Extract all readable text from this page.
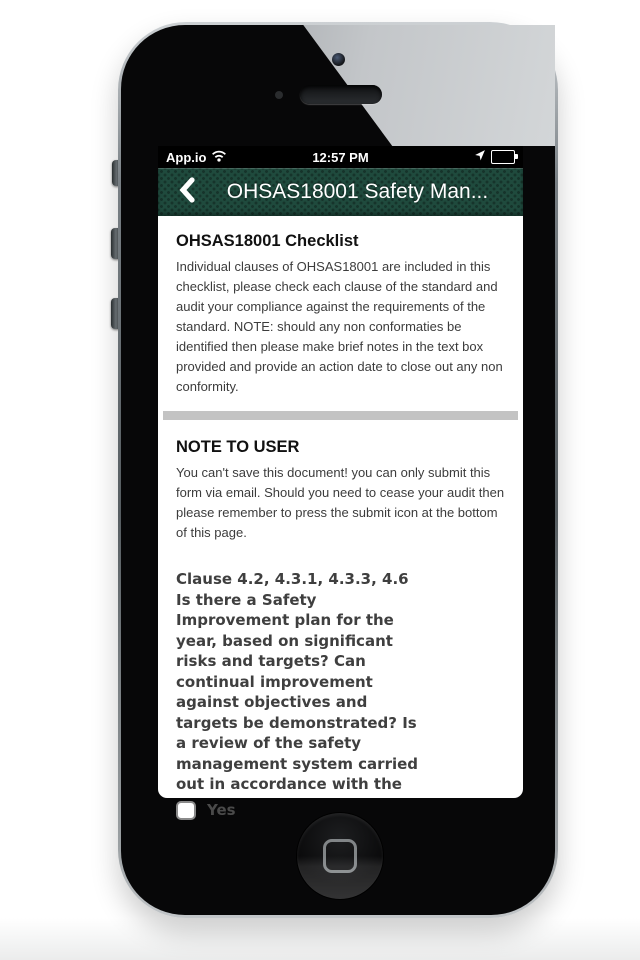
App.io	12:57 PM
OHSAS18001 Safety Man...
OHSAS18001 Checklist

Individual clauses of OHSAS18001 are included in this checklist, please check each clause of the standard and audit your compliance against the requirements of the standard. NOTE: should any non conformaties be identified then please make brief notes in the text box provided and provide an action date to close out any non conformity.

NOTE TO USER

You can't save this document! you can only submit this form via email. Should you need to cease your audit then please remember to press the submit icon at the bottom of this page.

Clause 4.2, 4.3.1, 4.3.3, 4.6
Is there a Safety Improvement plan for the year, based on significant risks and targets? Can continual improvement against objectives and targets be demonstrated? Is a review of the safety management system carried out in accordance with the
Yes
